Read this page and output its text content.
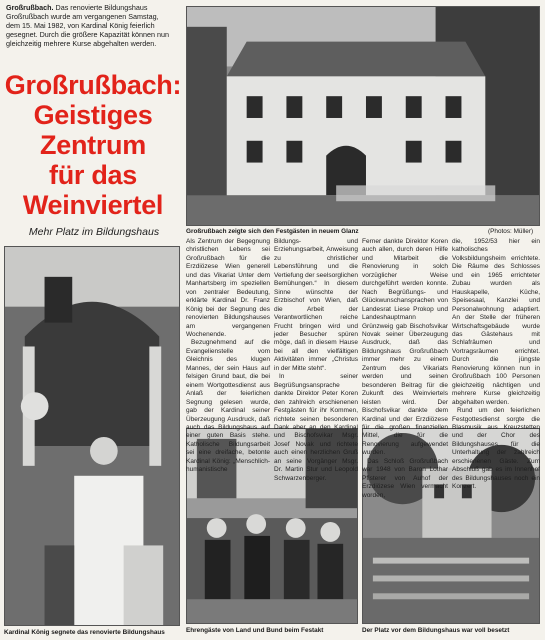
Großrußbach. Das renovierte Bildungshaus Großrußbach wurde am vergangenen Samstag, dem 15. Mai 1982, von Kardinal König feierlich gesegnet. Durch die größere Kapazität können nun gleichzeitig mehrere Kurse abgehalten werden.
Großrußbach:
Geistiges
Zentrum
für das
Weinviertel
Mehr Platz im Bildungshaus	Großrußbach zeigte sich den Festgästen in neuem Glanz	(Photos: Müller)
Kardinal König segnete das renovierte Bildungshaus	Ehrengäste von Land und Bund beim Festakt	Der Platz vor dem Bildungshaus war voll besetzt

Als Zentrum der Begegnung christlichen Lebens sei Großrußbach für die Erzdiözese Wien generell und das Vikariat Unter dem Manhartsberg im speziellen von zentraler Bedeutung, erklärte Kardinal Dr. Franz König bei der Segnung des renovierten Bildungshauses am vergangenen Wochenende.

Bezugnehmend auf die Evangelienstelle vom Gleichnis des klugen Mannes, der sein Haus auf felsigen Grund baut, die bei einem Wortgottesdienst aus Anlaß der feierlichen Segnung gelesen wurde, gab der Kardinal seiner Überzeugung Ausdruck, daß auch das Bildungshaus auf einer guten Basis stehe. Katholische Bildungsarbeit sei eine dreifache, betonte Kardinal König: „Menschlich-humanistische

Bildungs- und Erziehungsarbeit, Anweisung zu christlicher Lebensführung und die Vertiefung der seelsorglichen Bemühungen.“ In diesem Sinne wünschte der Erzbischof von Wien, daß die Arbeit der Verantwortlichen reiche Frucht bringen wird und jeder Besucher spüren möge, daß in diesem Hause bei all den vielfältigen Aktivitäten immer „Christus in der Mitte steht“.

In seiner Begrüßungsansprache dankte Direktor Peter Koren den zahlreich erschienenen Festgästen für ihr Kommen, richtete seinen besonderen Dank aber an den Kardinal und Bischofsvikar Msgr. Josef Novak und richtete auch einen herzlichen Gruß an seine Vorgänger Msgr. Dr. Martin Stur und Leopold Schwarzenberger.

Ferner dankte Direktor Koren auch allen, durch deren Hilfe und Mitarbeit die Renovierung in solch vorzüglicher Weise durchgeführt werden konnte. Nach Begrüßungs- und Glückwunschansprachen von Landesrat Liese Prokop und Landeshauptmann Grünzweig gab Bischofsvikar Novak seiner Überzeugung Ausdruck, daß das Bildungshaus Großrußbach immer mehr zu einem Zentrum des Vikariats werden und seinen besonderen Beitrag für die Zukunft des Weinviertels leisten wird. Der Bischofsvikar dankte dem Kardinal und der Erzdiözese für die großen finanziellen Mittel, die für die Renovierung aufgewendet wurden.

Das Schloß Großrußbach war 1948 von Baron Lothar Pfisterer von Auhof der Erzdiözese Wien vermacht worden,

die, 1952/53 hier ein katholisches Volksbildungsheim errichtete. Die Räume des Schlosses und ein 1965 errichteter Zubau wurden als Hauskapelle, Küche, Speisesaal, Kanzlei und Personalwohnung adaptiert. An der Stelle der früheren Wirtschaftsgebäude wurde das Gästehaus mit Schlafräumen und Vortragsräumen errichtet. Durch die jüngste Renovierung können nun in Großrußbach 100 Personen gleichzeitig nächtigen und mehrere Kurse gleichzeitig abgehalten werden.

Rund um den feierlichen Festgottesdienst sorgte die Blasmusik aus Kreuzstetten und der Chor des Bildungshauses für die Unterhaltung der zahlreich erschienenen Gäste. Zum Abschluß gab es im Innenhof des Bildungshauses noch ein Konzert.
